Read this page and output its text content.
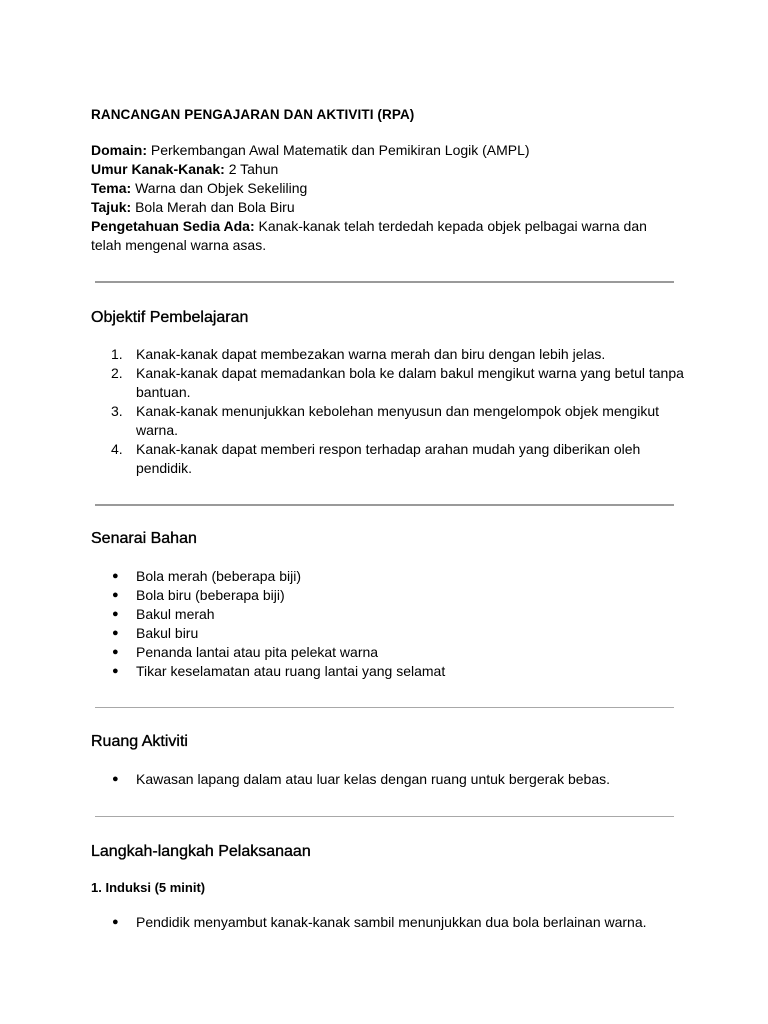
RANCANGAN PENGAJARAN DAN AKTIVITI (RPA)

Domain: Perkembangan Awal Matematik dan Pemikiran Logik (AMPL)

Umur Kanak-Kanak: 2 Tahun

Tema: Warna dan Objek Sekeliling

Tajuk: Bola Merah dan Bola Biru

Pengetahuan Sedia Ada: Kanak-kanak telah terdedah kepada objek pelbagai warna dan telah mengenal warna asas.

Objektif Pembelajaran
1. Kanak-kanak dapat membezakan warna merah dan biru dengan lebih jelas.
2. Kanak-kanak dapat memadankan bola ke dalam bakul mengikut warna yang betul tanpa bantuan.
3. Kanak-kanak menunjukkan kebolehan menyusun dan mengelompok objek mengikut warna.
4. Kanak-kanak dapat memberi respon terhadap arahan mudah yang diberikan oleh pendidik.
Senarai Bahan
● Bola merah (beberapa biji)
● Bola biru (beberapa biji)
● Bakul merah
● Bakul biru
● Penanda lantai atau pita pelekat warna
● Tikar keselamatan atau ruang lantai yang selamat
Ruang Aktiviti
● Kawasan lapang dalam atau luar kelas dengan ruang untuk bergerak bebas.
Langkah-langkah Pelaksanaan
1. Induksi (5 minit)
● Pendidik menyambut kanak-kanak sambil menunjukkan dua bola berlainan warna.
